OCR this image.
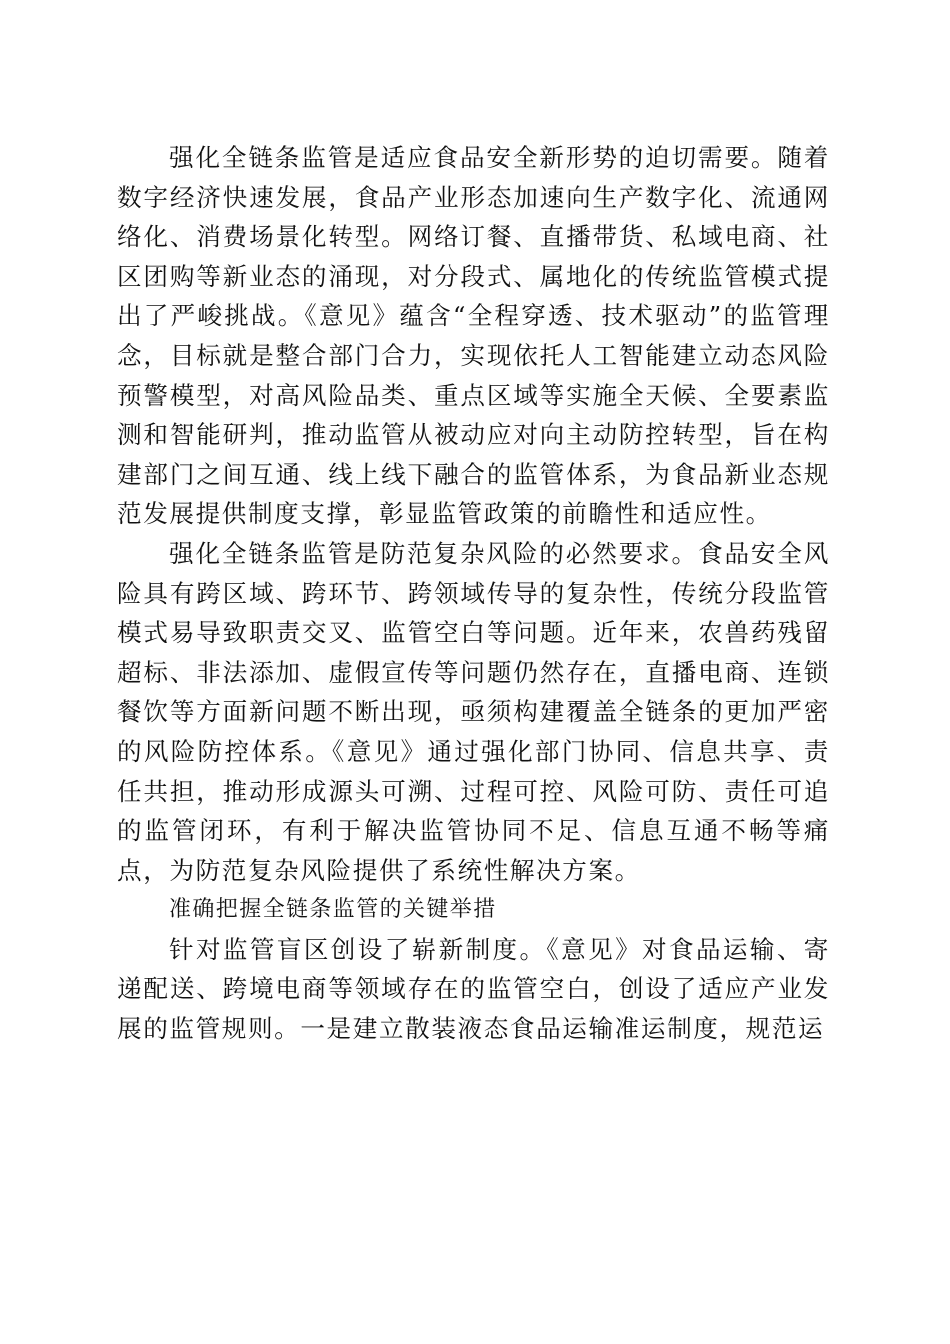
强化全链条监管是适应食品安全新形势的迫切需要。随着数字经济快速发展，食品产业形态加速向生产数字化、流通网络化、消费场景化转型。网络订餐、直播带货、私域电商、社区团购等新业态的涌现，对分段式、属地化的传统监管模式提出了严峻挑战。《意见》蕴含“全程穿透、技术驱动”的监管理念，目标就是整合部门合力，实现依托人工智能建立动态风险预警模型，对高风险品类、重点区域等实施全天候、全要素监测和智能研判，推动监管从被动应对向主动防控转型，旨在构建部门之间互通、线上线下融合的监管体系，为食品新业态规范发展提供制度支撑，彰显监管政策的前瞻性和适应性。

强化全链条监管是防范复杂风险的必然要求。食品安全风险具有跨区域、跨环节、跨领域传导的复杂性，传统分段监管模式易导致职责交叉、监管空白等问题。近年来，农兽药残留超标、非法添加、虚假宣传等问题仍然存在，直播电商、连锁餐饮等方面新问题不断出现，亟须构建覆盖全链条的更加严密的风险防控体系。《意见》通过强化部门协同、信息共享、责任共担，推动形成源头可溯、过程可控、风险可防、责任可追的监管闭环，有利于解决监管协同不足、信息互通不畅等痛点，为防范复杂风险提供了系统性解决方案。

准确把握全链条监管的关键举措

针对监管盲区创设了崭新制度。《意见》对食品运输、寄递配送、跨境电商等领域存在的监管空白，创设了适应产业发展的监管规则。一是建立散装液态食品运输准运制度，规范运
